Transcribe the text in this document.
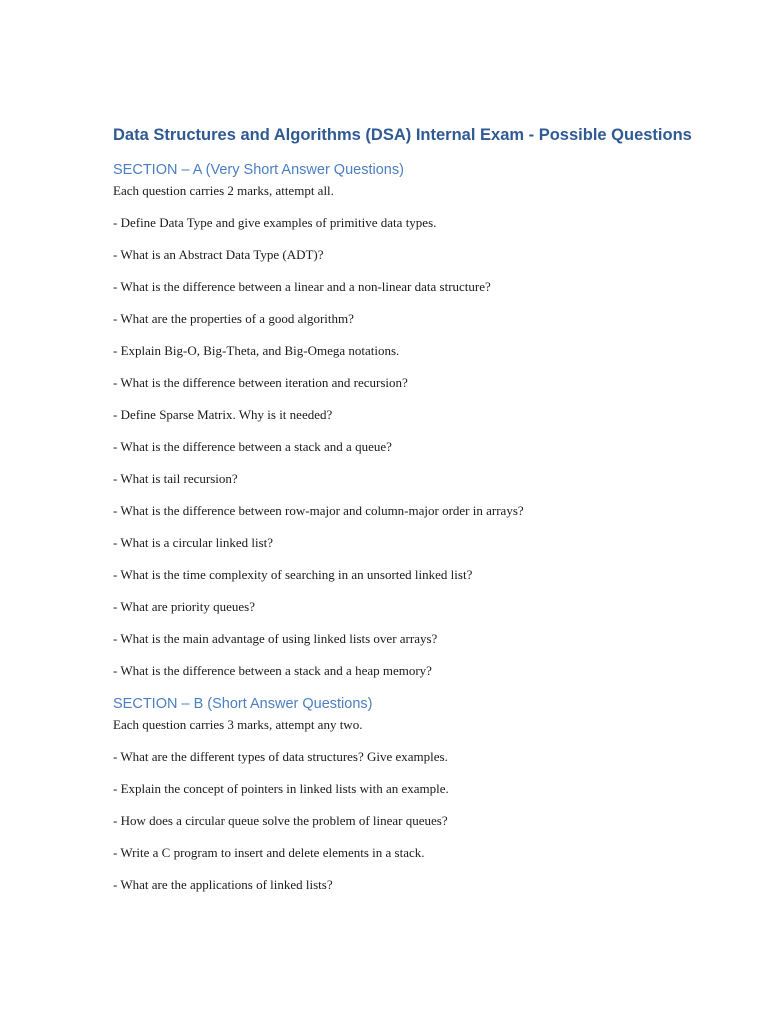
Data Structures and Algorithms (DSA) Internal Exam - Possible Questions
SECTION – A (Very Short Answer Questions)
Each question carries 2 marks, attempt all.
- Define Data Type and give examples of primitive data types.
- What is an Abstract Data Type (ADT)?
- What is the difference between a linear and a non-linear data structure?
- What are the properties of a good algorithm?
- Explain Big-O, Big-Theta, and Big-Omega notations.
- What is the difference between iteration and recursion?
- Define Sparse Matrix. Why is it needed?
- What is the difference between a stack and a queue?
- What is tail recursion?
- What is the difference between row-major and column-major order in arrays?
- What is a circular linked list?
- What is the time complexity of searching in an unsorted linked list?
- What are priority queues?
- What is the main advantage of using linked lists over arrays?
- What is the difference between a stack and a heap memory?
SECTION – B (Short Answer Questions)
Each question carries 3 marks, attempt any two.
- What are the different types of data structures? Give examples.
- Explain the concept of pointers in linked lists with an example.
- How does a circular queue solve the problem of linear queues?
- Write a C program to insert and delete elements in a stack.
- What are the applications of linked lists?
